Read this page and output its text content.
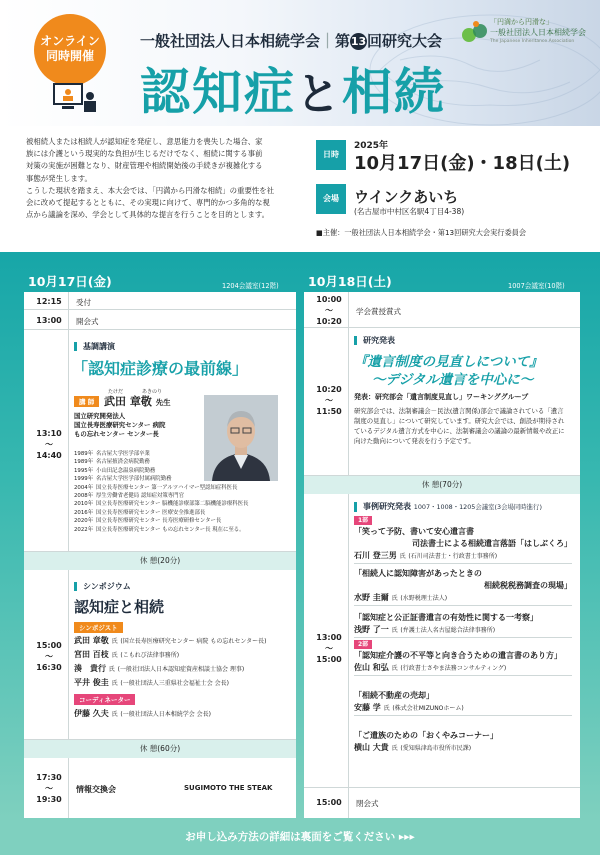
オンライン
同時開催
一般社団法人日本相続学会｜第13回研究大会
認知症と相続
「円満から円滑な」
一般社団法人日本相続学会
The Japanese Inheritance Association

被相続人または相続人が認知症を発症し、意思能力を喪失した場合、家

族には介護という現実的な負担が生じるだけでなく、相続に関する事前

対策の実施が困難となり、財産管理や相続開始後の手続きが複雑化する

事態が発生します。

こうした現状を踏まえ、本大会では、「円満から円滑な相続」の重要性を社

会に改めて提起するとともに、その実現に向けて、専門的かつ多角的な視

点から議論を深め、学会として具体的な提言を行うことを目的とします。

日時
2025年
10月17日(金)・18日(土)
会場	ウインクあいち
(名古屋市中村区名駅4丁目4-38)
■主催：一般社団法人日本相続学会・第13回研究大会実行委員会
10月17日(金)	1204会議室(12階) 10月18日(土)	1007会議室(10階)
12:15	受付
13:00	開会式
13:10
〜
14:40
基調講演
「認知症診療の最前線」
講 師
たけだ	あきのり
武田 章敬 先生
国立研究開発法人
国立長寿医療研究センター 病院
もの忘れセンター センター長
1989年 名古屋大学医学部卒業
1989年 名古屋掖済会病院勤務
1995年 小山田記念温泉病院勤務
1999年 名古屋大学医学部付属病院勤務
2004年 国立長寿医療センター 第一アルツハイマー型認知症科医長
2008年 厚生労働省老健局 認知症対策専門官
2010年 国立長寿医療研究センター 脳機能診療部第二脳機能診療科医長
2016年 国立長寿医療研究センター 医療安全推進部長
2020年 国立長寿医療研究センター 長寿医療研修センター長
2022年 国立長寿医療研究センター もの忘れセンター長 現在に至る。
休 憩(20分)
15:00
〜
16:30
シンポジウム
認知症と相続
シンポジスト
武田 章敬 氏 (国立長寿医療研究センター 病院 もの忘れセンター長)
宮田 百枝 氏 (こもれび法律事務所)
湊　貴行 氏 (一般社団法人日本認知症資産相談士協会 理事)
平井 俊圭 氏 (一般社団法人三重県社会福祉士会 会長)
コーディネーター
伊藤 久夫 氏 (一般社団法人日本相続学会 会長)
休 憩(60分)
17:30
〜
19:30
情報交換会	SUGIMOTO THE STEAK
10:00
〜
10:20
学会賞授賞式
10:20
〜
11:50
研究発表
『遺言制度の見直しについて』
〜デジタル遺言を中心に〜
発表：研究部会「遺言制度見直し」ワーキンググループ
研究部会では、法制審議会－民法(遺言関係)部会で議論されている「遺言制度の見直し」について研究しています。研究大会では、創設が期待されているデジタル遺言方式を中心に、法制審議会の議論の最新情報や改正に向けた動向について発表を行う予定です。
休 憩(70分)
13:00
〜
15:00
事例研究発表 1007・1008・1205会議室(3会場同時進行)
1部
「笑って予防、書いて安心遺言書
司法書士による相続遺言落語「はしぶくろ」
石川 登三男 氏 (石川司法書士・行政書士事務所)
「相続人に認知障害があったときの
相続税税務調査の現場」
水野 圭爾 氏 (水野税理士法人)
「認知症と公正証書遺言の有効性に関する一考察」
浅野 了一 氏 (弁護士法人名古屋総合法律事務所)
2部
「認知症介護の不平等と向き合うための遺言書のあり方」
佐山 和弘 氏 (行政書士さやま法務コンサルティング)
「相続不動産の売却」
安藤 学 氏 (株式会社MIZUNOホーム)
「ご遺族のための「おくやみコーナー」
横山 大貴 氏 (愛知県津島市役所市民課)
15:00	閉会式
お申し込み方法の詳細は裏面をご覧ください ▸▸▸
